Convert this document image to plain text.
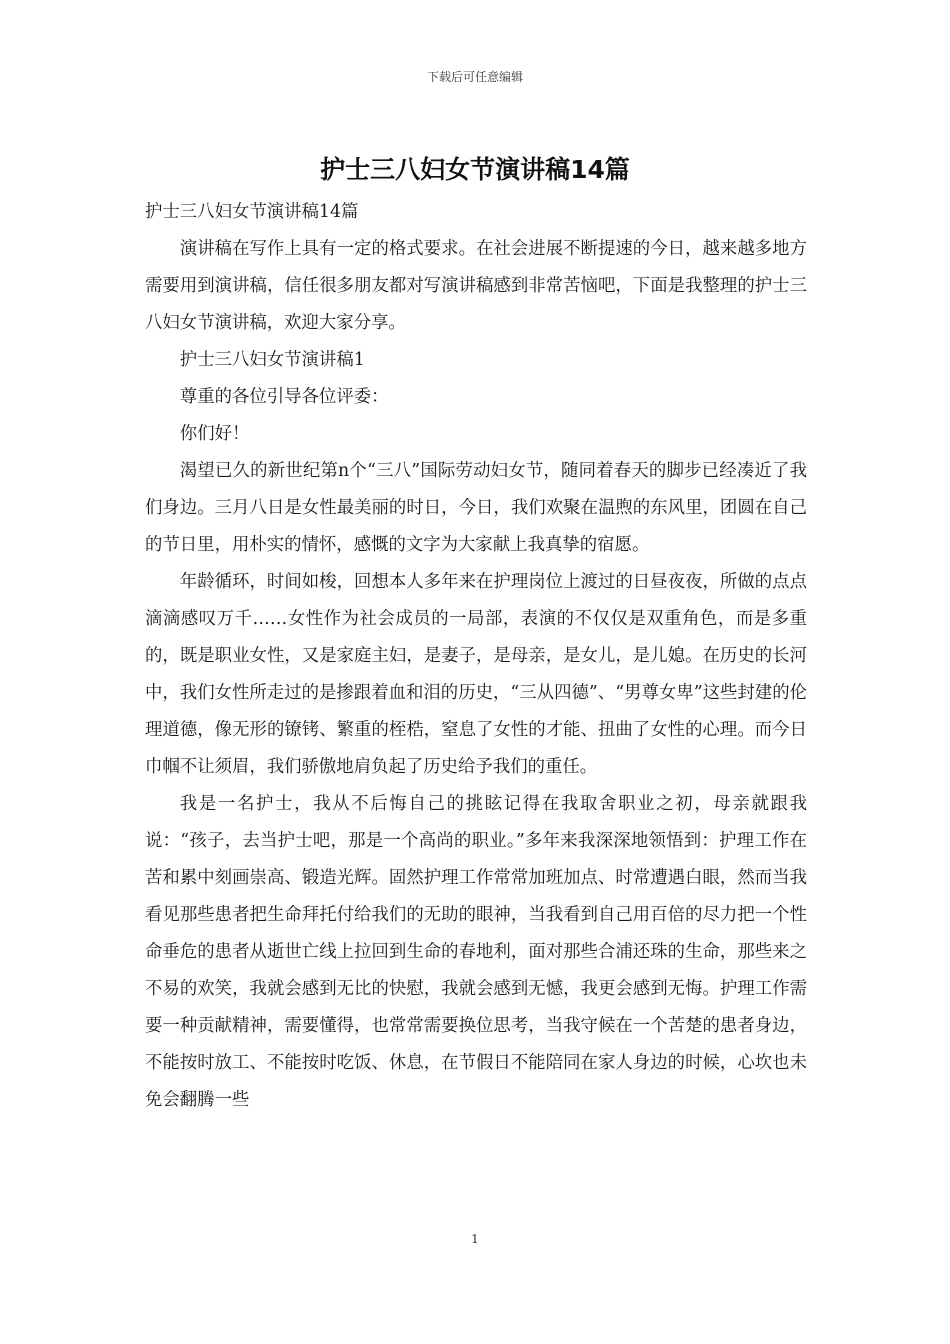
下载后可任意编辑
护士三八妇女节演讲稿14篇

护士三八妇女节演讲稿14篇

演讲稿在写作上具有一定的格式要求。在社会进展不断提速的今日，越来越多地方需要用到演讲稿，信任很多朋友都对写演讲稿感到非常苦恼吧，下面是我整理的护士三八妇女节演讲稿，欢迎大家分享。

护士三八妇女节演讲稿1

尊重的各位引导各位评委：

你们好！

渴望已久的新世纪第n个“三八”国际劳动妇女节，随同着春天的脚步已经凑近了我们身边。三月八日是女性最美丽的时日，今日，我们欢聚在温煦的东风里，团圆在自己的节日里，用朴实的情怀，感慨的文字为大家献上我真挚的宿愿。

年龄循环，时间如梭，回想本人多年来在护理岗位上渡过的日昼夜夜，所做的点点滴滴感叹万千……女性作为社会成员的一局部，表演的不仅仅是双重角色，而是多重的，既是职业女性，又是家庭主妇，是妻子，是母亲，是女儿，是儿媳。在历史的长河中，我们女性所走过的是掺跟着血和泪的历史，“三从四德”、“男尊女卑”这些封建的伦理道德，像无形的镣铐、繁重的桎梏，窒息了女性的才能、扭曲了女性的心理。而今日巾帼不让须眉，我们骄傲地肩负起了历史给予我们的重任。

我是一名护士，我从不后悔自己的挑眩记得在我取舍职业之初，母亲就跟我说：“孩子，去当护士吧，那是一个高尚的职业。”多年来我深深地领悟到：护理工作在苦和累中刻画崇高、锻造光辉。固然护理工作常常加班加点、时常遭遇白眼，然而当我看见那些患者把生命拜托付给我们的无助的眼神，当我看到自己用百倍的尽力把一个性命垂危的患者从逝世亡线上拉回到生命的春地利，面对那些合浦还珠的生命，那些来之不易的欢笑，我就会感到无比的快慰，我就会感到无憾，我更会感到无悔。护理工作需要一种贡献精神，需要懂得，也常常需要换位思考，当我守候在一个苦楚的患者身边，不能按时放工、不能按时吃饭、休息，在节假日不能陪同在家人身边的时候，心坎也未免会翻腾一些

1
